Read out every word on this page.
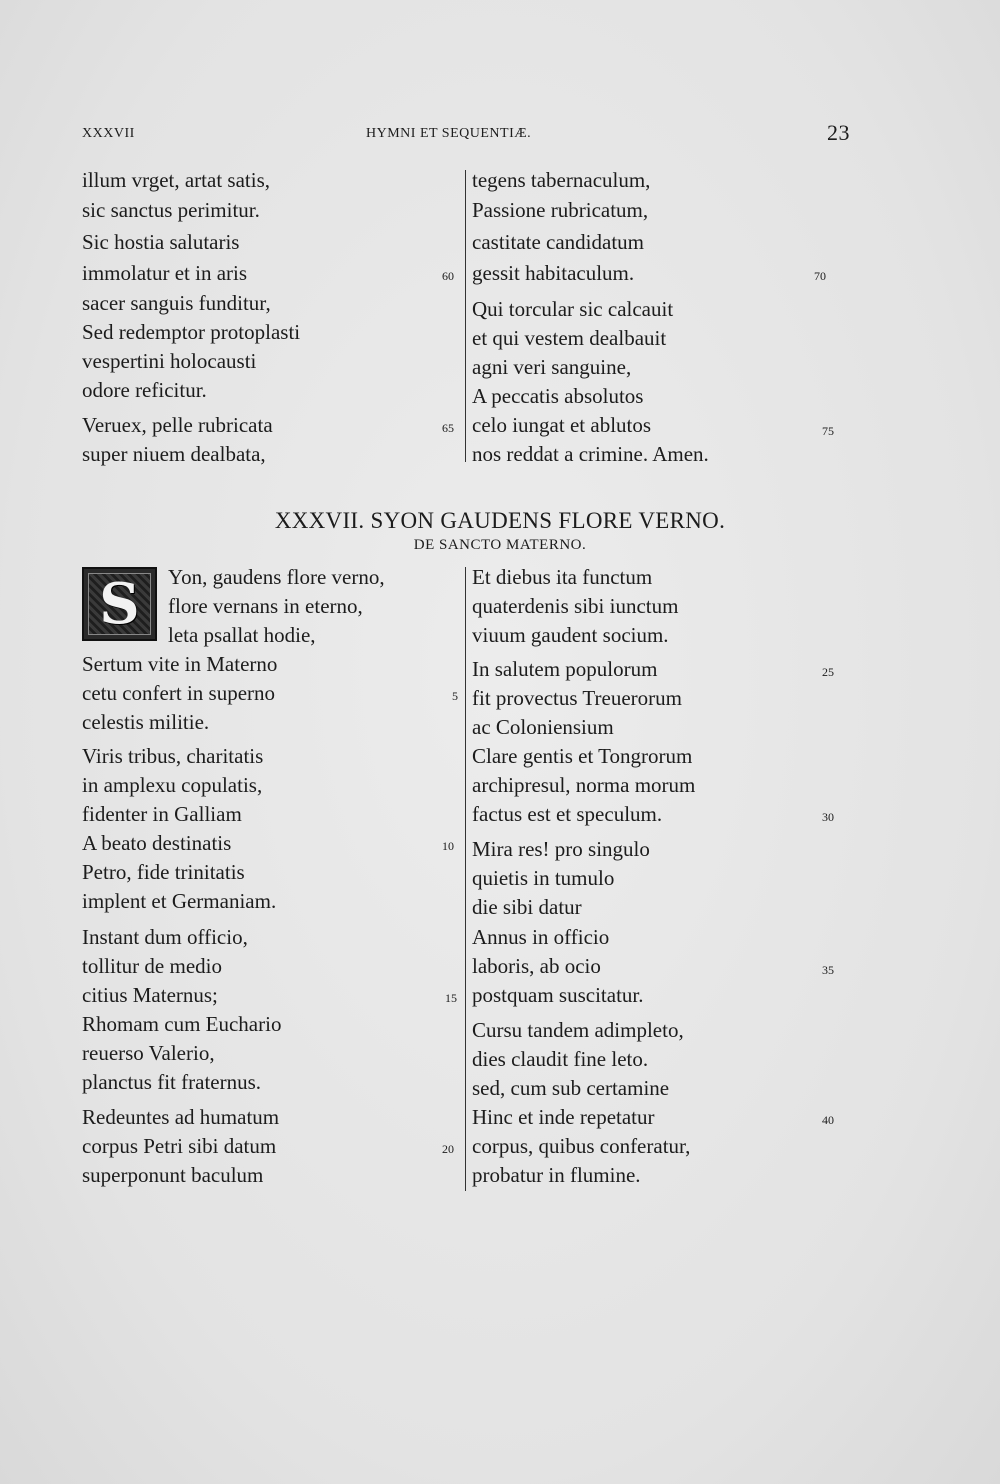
XXXVII	HYMNI ET SEQUENTIÆ.	23
illum vrget, artat satis,
sic sanctus perimitur.
Sic hostia salutaris
immolatur et in aris
sacer sanguis funditur,
Sed redemptor protoplasti
vespertini holocausti
odore reficitur.
Veruex, pelle rubricata
super niuem dealbata,
60
65
tegens tabernaculum,
Passione rubricatum,
castitate candidatum
gessit habitaculum.
Qui torcular sic calcauit
et qui vestem dealbauit
agni veri sanguine,
A peccatis absolutos
celo iungat et ablutos
nos reddat a crimine. Amen.
70
75
XXXVII. SYON GAUDENS FLORE VERNO.
DE SANCTO MATERNO.
S Yon, gaudens flore verno,
flore vernans in eterno,
leta psallat hodie,
Sertum vite in Materno
cetu confert in superno
celestis militie.
Viris tribus, charitatis
in amplexu copulatis,
fidenter in Galliam
A beato destinatis
Petro, fide trinitatis
implent et Germaniam.
Instant dum officio,
tollitur de medio
citius Maternus;
Rhomam cum Euchario
reuerso Valerio,
planctus fit fraternus.
Redeuntes ad humatum
corpus Petri sibi datum
superponunt baculum
5
10
15
20
Et diebus ita functum
quaterdenis sibi iunctum
viuum gaudent socium.
In salutem populorum
fit provectus Treuerorum
ac Coloniensium
Clare gentis et Tongrorum
archipresul, norma morum
factus est et speculum.
Mira res! pro singulo
quietis in tumulo
die sibi datur
Annus in officio
laboris, ab ocio
postquam suscitatur.
Cursu tandem adimpleto,
dies claudit fine leto.
sed, cum sub certamine
Hinc et inde repetatur
corpus, quibus conferatur,
probatur in flumine.
25
30
35
40
